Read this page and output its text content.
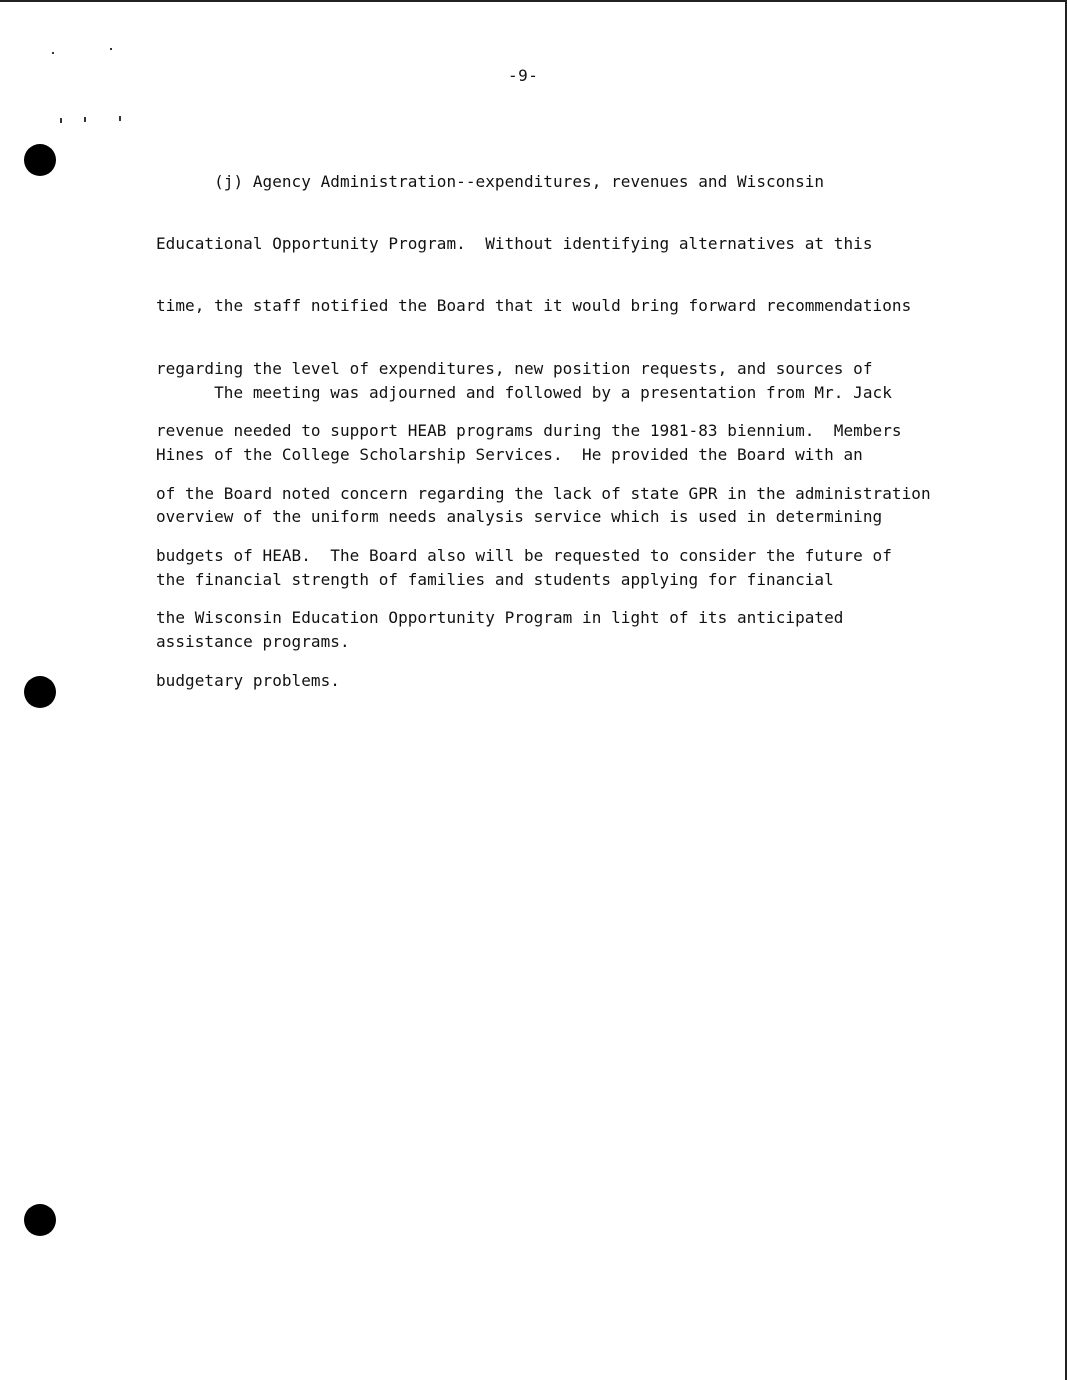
-9-

(j) Agency Administration--expenditures, revenues and Wisconsin

Educational Opportunity Program.  Without identifying alternatives at this

time, the staff notified the Board that it would bring forward recommendations

regarding the level of expenditures, new position requests, and sources of

revenue needed to support HEAB programs during the 1981-83 biennium.  Members

of the Board noted concern regarding the lack of state GPR in the administration

budgets of HEAB.  The Board also will be requested to consider the future of

the Wisconsin Education Opportunity Program in light of its anticipated

budgetary problems.

The meeting was adjourned and followed by a presentation from Mr. Jack

Hines of the College Scholarship Services.  He provided the Board with an

overview of the uniform needs analysis service which is used in determining

the financial strength of families and students applying for financial

assistance programs.
